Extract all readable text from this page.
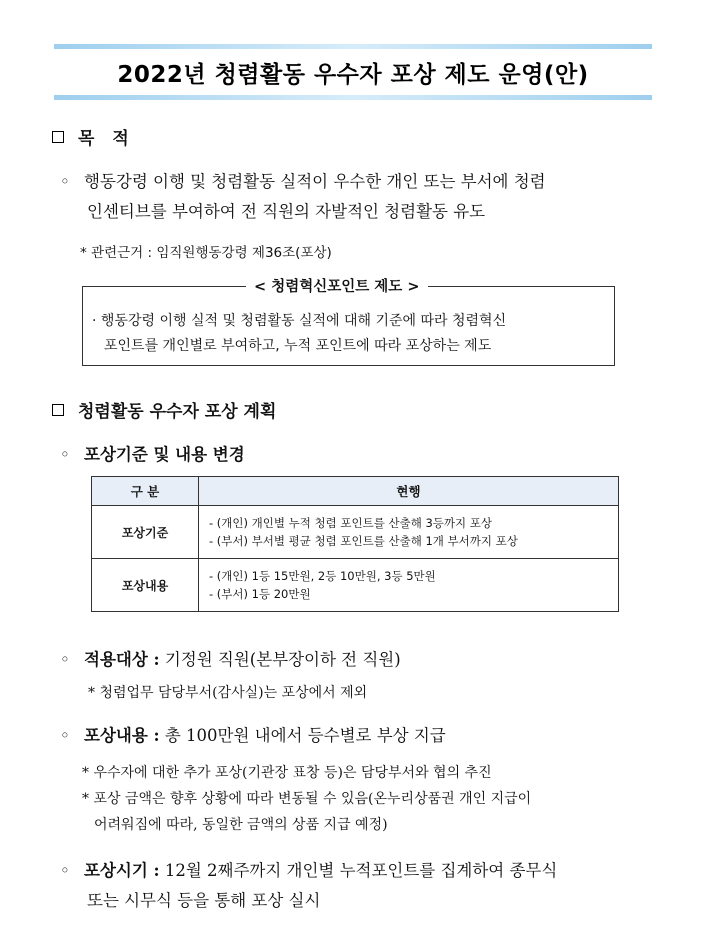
2022년 청렴활동 우수자 포상 제도 운영(안)
목 적
◦ 행동강령 이행 및 청렴활동 실적이 우수한 개인 또는 부서에 청렴
인센티브를 부여하여 전 직원의 자발적인 청렴활동 유도
* 관련근거 : 임직원행동강령 제36조(포상)
< 청렴혁신포인트 제도 >
· 행동강령 이행 실적 및 청렴활동 실적에 대해 기준에 따라 청렴혁신
포인트를 개인별로 부여하고, 누적 포인트에 따라 포상하는 제도
청렴활동 우수자 포상 계획
◦ 포상기준 및 내용 변경
구 분	현행
포상기준	- (개인) 개인별 누적 청렴 포인트를 산출해 3등까지 포상
- (부서) 부서별 평균 청렴 포인트를 산출해 1개 부서까지 포상

포상내용	- (개인) 1등 15만원, 2등 10만원, 3등 5만원
- (부서) 1등 20만원
◦ 적용대상 : 기정원 직원(본부장이하 전 직원)
* 청렴업무 담당부서(감사실)는 포상에서 제외
◦ 포상내용 : 총 100만원 내에서 등수별로 부상 지급
* 우수자에 대한 추가 포상(기관장 표창 등)은 담당부서와 협의 추진
* 포상 금액은 향후 상황에 따라 변동될 수 있음(온누리상품권 개인 지급이
어려워짐에 따라, 동일한 금액의 상품 지급 예정)
◦ 포상시기 : 12월 2째주까지 개인별 누적포인트를 집계하여 종무식
또는 시무식 등을 통해 포상 실시
